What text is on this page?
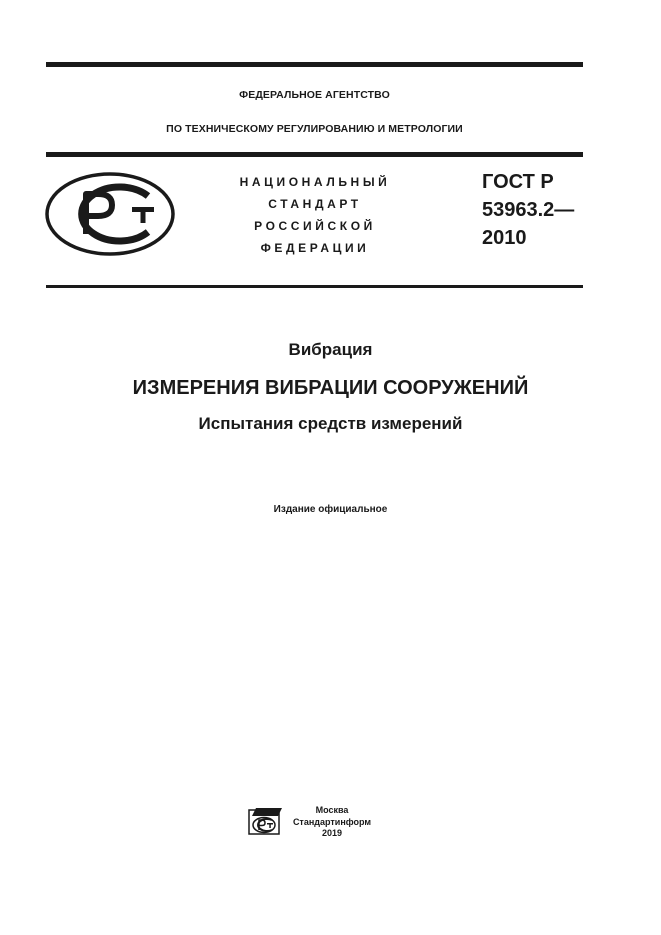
ФЕДЕРАЛЬНОЕ АГЕНТСТВО
ПО ТЕХНИЧЕСКОМУ РЕГУЛИРОВАНИЮ И МЕТРОЛОГИИ
НАЦИОНАЛЬНЫЙ
СТАНДАРТ
РОССИЙСКОЙ
ФЕДЕРАЦИИ
ГОСТ Р
53963.2—
2010
Вибрация
ИЗМЕРЕНИЯ ВИБРАЦИИ СООРУЖЕНИЙ
Испытания средств измерений
Издание официальное
Москва
Стандартинформ
2019
